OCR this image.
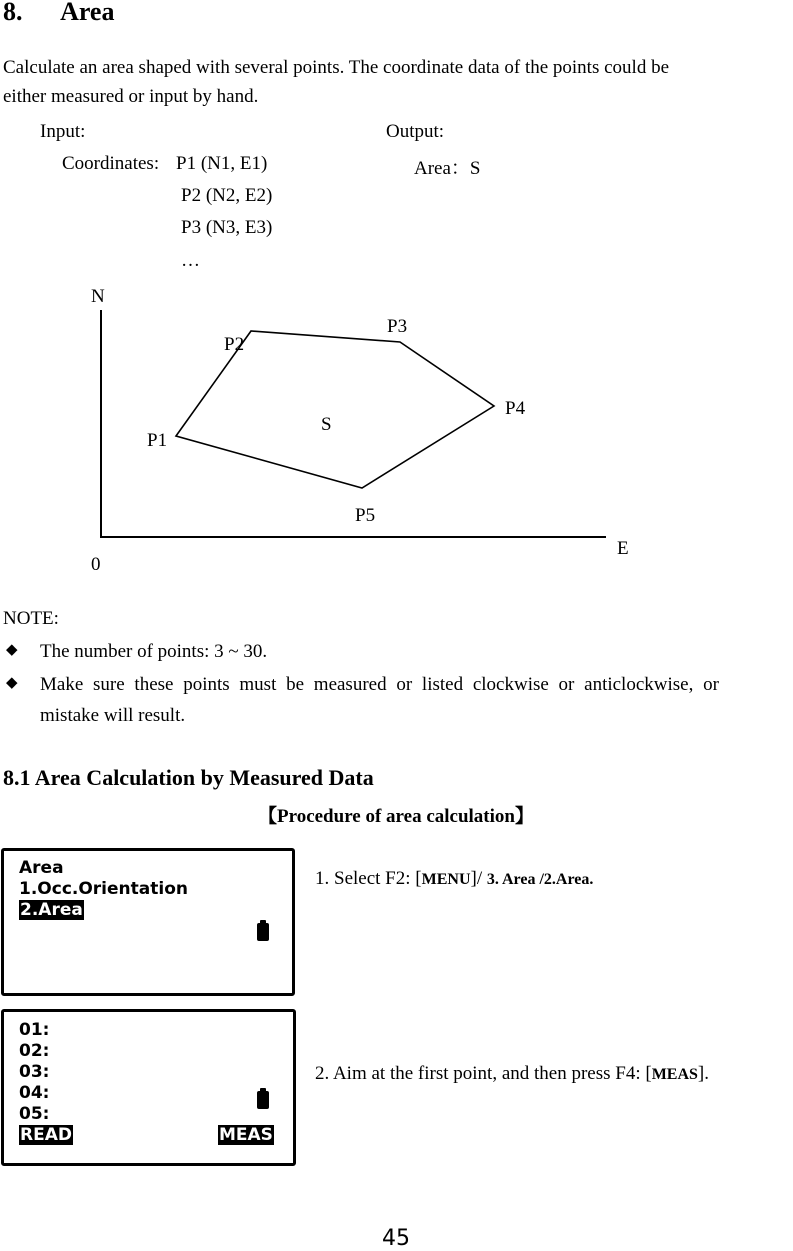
8. Area
Calculate an area shaped with several points. The coordinate data of the points could be
either measured or input by hand.
Input:	Output:
Coordinates: P1 (N1, E1)
P2 (N2, E2)
P3 (N3, E3)
…
Area：S
N
E
0
S
P1
P2
P3
P4
P5
NOTE:
◆ The number of points: 3 ~ 30.
◆ Make sure these points must be measured or listed clockwise or anticlockwise, or
mistake will result.
8.1 Area Calculation by Measured Data
【Procedure of area calculation】
Area
1.Occ.Orientation
2.Area
1. Select F2: [MENU]/ 3. Area /2.Area.
01:
02:
03:
04:
05:
READ	MEAS
2. Aim at the first point, and then press F4: [MEAS].
45
